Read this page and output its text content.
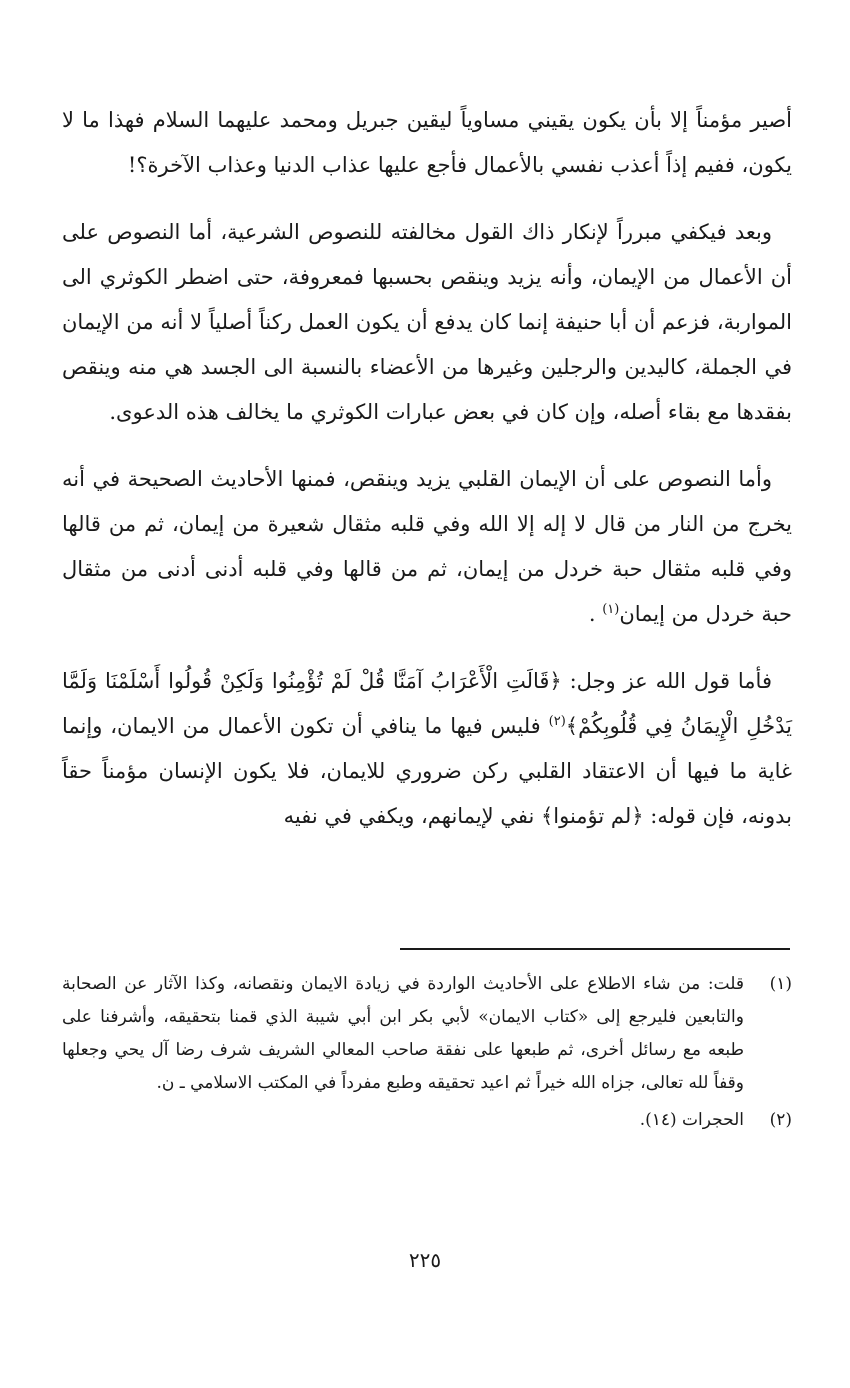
أصير مؤمناً إلا بأن يكون يقيني مساوياً ليقين جبريل ومحمد عليهما السلام فهذا ما لا يكون، ففيم إذاً أعذب نفسي بالأعمال فأجع عليها عذاب الدنيا وعذاب الآخرة؟!

وبعد فيكفي مبرراً لإنكار ذاك القول مخالفته للنصوص الشرعية، أما النصوص على أن الأعمال من الإيمان، وأنه يزيد وينقص بحسبها فمعروفة، حتى اضطر الكوثري الى المواربة، فزعم أن أبا حنيفة إنما كان يدفع أن يكون العمل ركناً أصلياً لا أنه من الإيمان في الجملة، كاليدين والرجلين وغيرها من الأعضاء بالنسبة الى الجسد هي منه وينقص بفقدها مع بقاء أصله، وإن كان في بعض عبارات الكوثري ما يخالف هذه الدعوى.

وأما النصوص على أن الإيمان القلبي يزيد وينقص، فمنها الأحاديث الصحيحة في أنه يخرج من النار من قال لا إله إلا الله وفي قلبه مثقال شعيرة من إيمان، ثم من قالها وفي قلبه مثقال حبة خردل من إيمان، ثم من قالها وفي قلبه أدنى أدنى من مثقال حبة خردل من إيمان$^{(١)}$ .

فأما قول الله عز وجل: ﴿قَالَتِ الْأَعْرَابُ آمَنَّا قُلْ لَمْ تُؤْمِنُوا وَلَكِنْ قُولُوا أَسْلَمْنَا وَلَمَّا يَدْخُلِ الْإِيمَانُ فِي قُلُوبِكُمْ﴾$^{(٢)}$ فليس فيها ما ينافي أن تكون الأعمال من الايمان، وإنما غاية ما فيها أن الاعتقاد القلبي ركن ضروري للايمان، فلا يكون الإنسان مؤمناً حقاً بدونه، فإن قوله: ﴿لم تؤمنوا﴾ نفي لإيمانهم، ويكفي في نفيه

(١)قلت: من شاء الاطلاع على الأحاديث الواردة في زيادة الايمان ونقصانه، وكذا الآثار عن الصحابة والتابعين فليرجع إلى «كتاب الايمان» لأبي بكر ابن أبي شيبة الذي قمنا بتحقيقه، وأشرفنا على طبعه مع رسائل أخرى، ثم طبعها على نفقة صاحب المعالي الشريف شرف رضا آل يحي وجعلها وقفاً لله تعالى، جزاه الله خيراً ثم اعيد تحقيقه وطبع مفرداً في المكتب الاسلامي ـ ن.
(٢)الحجرات (١٤).
٢٢٥
